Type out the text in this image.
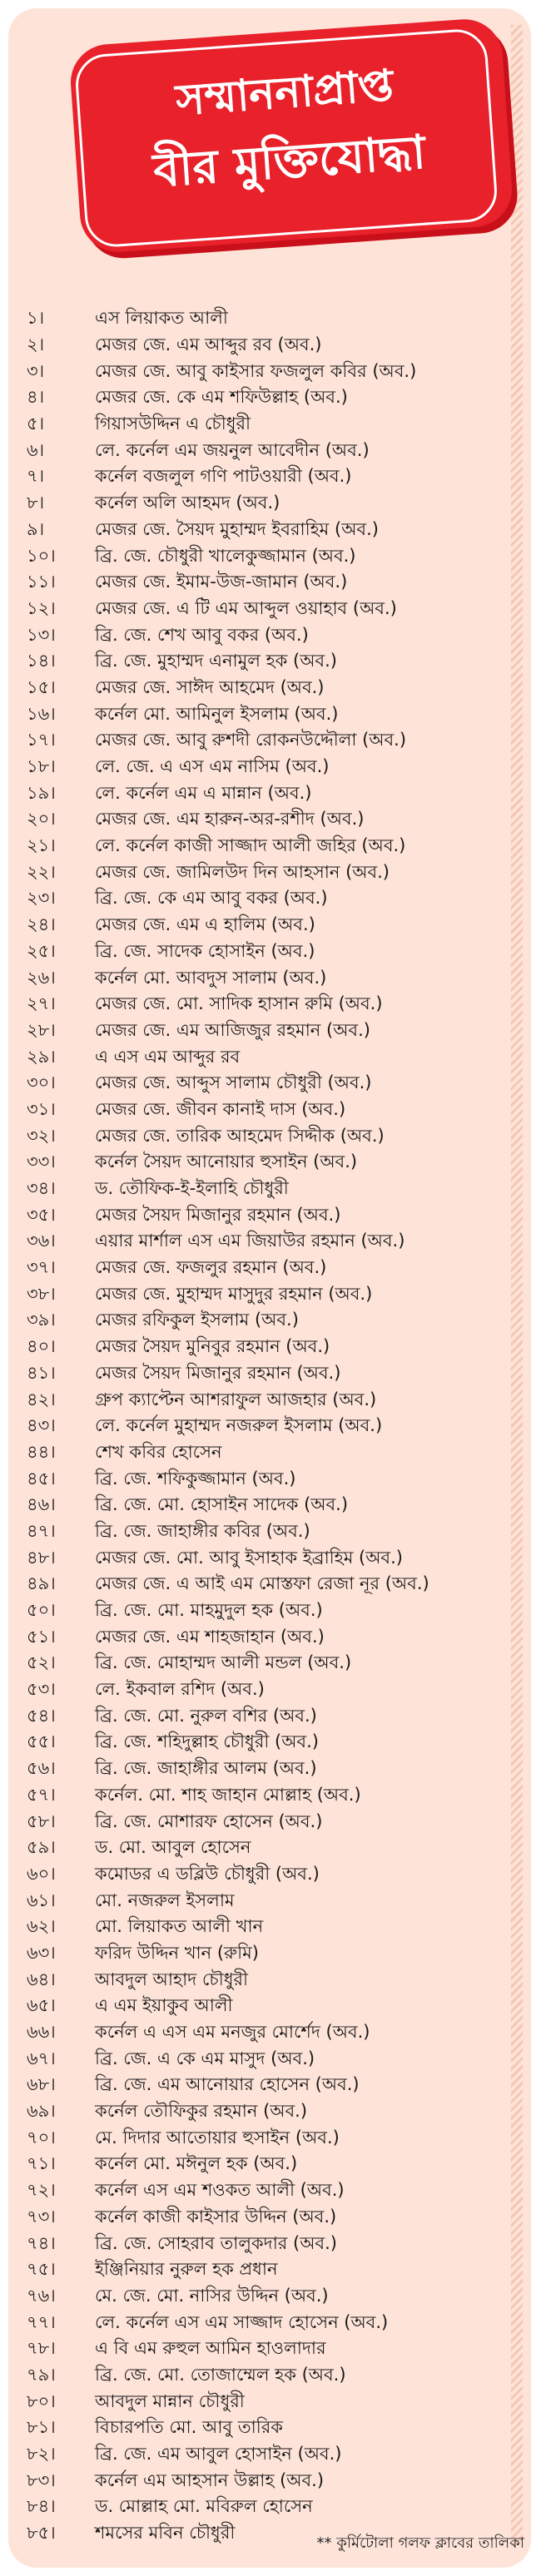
সম্মাননাপ্রাপ্ত
বীর মুক্তিযোদ্ধা
১।	এস লিয়াকত আলী
২।	মেজর জে. এম আব্দুর রব (অব.)
৩।	মেজর জে. আবু কাইসার ফজলুল কবির (অব.)
৪।	মেজর জে. কে এম শফিউল্লাহ (অব.)
৫।	গিয়াসউদ্দিন এ চৌধুরী
৬।	লে. কর্নেল এম জয়নুল আবেদীন (অব.)
৭।	কর্নেল বজলুল গণি পাটওয়ারী (অব.)
৮।	কর্নেল অলি আহমদ (অব.)
৯।	মেজর জে. সৈয়দ মুহাম্মদ ইবরাহিম (অব.)
১০।	ব্রি. জে. চৌধুরী খালেকুজ্জামান (অব.)
১১।	মেজর জে. ইমাম-উজ-জামান (অব.)
১২।	মেজর জে. এ টি এম আব্দুল ওয়াহাব (অব.)
১৩।	ব্রি. জে. শেখ আবু বকর (অব.)
১৪।	ব্রি. জে. মুহাম্মদ এনামুল হক (অব.)
১৫।	মেজর জে. সাঈদ আহমেদ (অব.)
১৬।	কর্নেল মো. আমিনুল ইসলাম (অব.)
১৭।	মেজর জে. আবু রুশদী রোকনউদ্দৌলা (অব.)
১৮।	লে. জে. এ এস এম নাসিম (অব.)
১৯।	লে. কর্নেল এম এ মান্নান (অব.)
২০।	মেজর জে. এম হারুন-অর-রশীদ (অব.)
২১।	লে. কর্নেল কাজী সাজ্জাদ আলী জহির (অব.)
২২।	মেজর জে. জামিলউদ দিন আহসান (অব.)
২৩।	ব্রি. জে. কে এম আবু বকর (অব.)
২৪।	মেজর জে. এম এ হালিম (অব.)
২৫।	ব্রি. জে. সাদেক হোসাইন (অব.)
২৬।	কর্নেল মো. আবদুস সালাম (অব.)
২৭।	মেজর জে. মো. সাদিক হাসান রুমি (অব.)
২৮।	মেজর জে. এম আজিজুর রহমান (অব.)
২৯।	এ এস এম আব্দুর রব
৩০।	মেজর জে. আব্দুস সালাম চৌধুরী (অব.)
৩১।	মেজর জে. জীবন কানাই দাস (অব.)
৩২।	মেজর জে. তারিক আহমেদ সিদ্দীক (অব.)
৩৩।	কর্নেল সৈয়দ আনোয়ার হুসাইন (অব.)
৩৪।	ড. তৌফিক-ই-ইলাহি চৌধুরী
৩৫।	মেজর সৈয়দ মিজানুর রহমান (অব.)
৩৬।	এয়ার মার্শাল এস এম জিয়াউর রহমান (অব.)
৩৭।	মেজর জে. ফজলুর রহমান (অব.)
৩৮।	মেজর জে. মুহাম্মদ মাসুদুর রহমান (অব.)
৩৯।	মেজর রফিকুল ইসলাম (অব.)
৪০।	মেজর সৈয়দ মুনিবুর রহমান (অব.)
৪১।	মেজর সৈয়দ মিজানুর রহমান (অব.)
৪২।	গ্রুপ ক্যাপ্টেন আশরাফুল আজহার (অব.)
৪৩।	লে. কর্নেল মুহাম্মদ নজরুল ইসলাম (অব.)
৪৪।	শেখ কবির হোসেন
৪৫।	ব্রি. জে. শফিকুজ্জামান (অব.)
৪৬।	ব্রি. জে. মো. হোসাইন সাদেক (অব.)
৪৭।	ব্রি. জে. জাহাঙ্গীর কবির (অব.)
৪৮।	মেজর জে. মো. আবু ইসাহাক ইব্রাহিম (অব.)
৪৯।	মেজর জে. এ আই এম মোস্তফা রেজা নূর (অব.)
৫০।	ব্রি. জে. মো. মাহমুদুল হক (অব.)
৫১।	মেজর জে. এম শাহজাহান (অব.)
৫২।	ব্রি. জে. মোহাম্মদ আলী মন্ডল (অব.)
৫৩।	লে. ইকবাল রশিদ (অব.)
৫৪।	ব্রি. জে. মো. নুরুল বশির (অব.)
৫৫।	ব্রি. জে. শহিদুল্লাহ চৌধুরী (অব.)
৫৬।	ব্রি. জে. জাহাঙ্গীর আলম (অব.)
৫৭।	কর্নেল. মো. শাহ জাহান মোল্লাহ (অব.)
৫৮।	ব্রি. জে. মোশারফ হোসেন (অব.)
৫৯।	ড. মো. আবুল হোসেন
৬০।	কমোডর এ ডব্লিউ চৌধুরী (অব.)
৬১।	মো. নজরুল ইসলাম
৬২।	মো. লিয়াকত আলী খান
৬৩।	ফরিদ উদ্দিন খান (রুমি)
৬৪।	আবদুল আহাদ চৌধুরী
৬৫।	এ এম ইয়াকুব আলী
৬৬।	কর্নেল এ এস এম মনজুর মোর্শেদ (অব.)
৬৭।	ব্রি. জে. এ কে এম মাসুদ (অব.)
৬৮।	ব্রি. জে. এম আনোয়ার হোসেন (অব.)
৬৯।	কর্নেল তৌফিকুর রহমান (অব.)
৭০।	মে. দিদার আতোয়ার হুসাইন (অব.)
৭১।	কর্নেল মো. মঈনুল হক (অব.)
৭২।	কর্নেল এস এম শওকত আলী (অব.)
৭৩।	কর্নেল কাজী কাইসার উদ্দিন (অব.)
৭৪।	ব্রি. জে. সোহরাব তালুকদার (অব.)
৭৫।	ইঞ্জিনিয়ার নুরুল হক প্রধান
৭৬।	মে. জে. মো. নাসির উদ্দিন (অব.)
৭৭।	লে. কর্নেল এস এম সাজ্জাদ হোসেন (অব.)
৭৮।	এ বি এম রুহুল আমিন হাওলাদার
৭৯।	ব্রি. জে. মো. তোজাম্মেল হক (অব.)
৮০।	আবদুল মান্নান চৌধুরী
৮১।	বিচারপতি মো. আবু তারিক
৮২।	ব্রি. জে. এম আবুল হোসাইন (অব.)
৮৩।	কর্নেল এম আহসান উল্লাহ (অব.)
৮৪।	ড. মোল্লাহ মো. মবিরুল হোসেন
৮৫।	শমসের মবিন চৌধুরী
** কুর্মিটোলা গলফ ক্লাবের তালিকা
